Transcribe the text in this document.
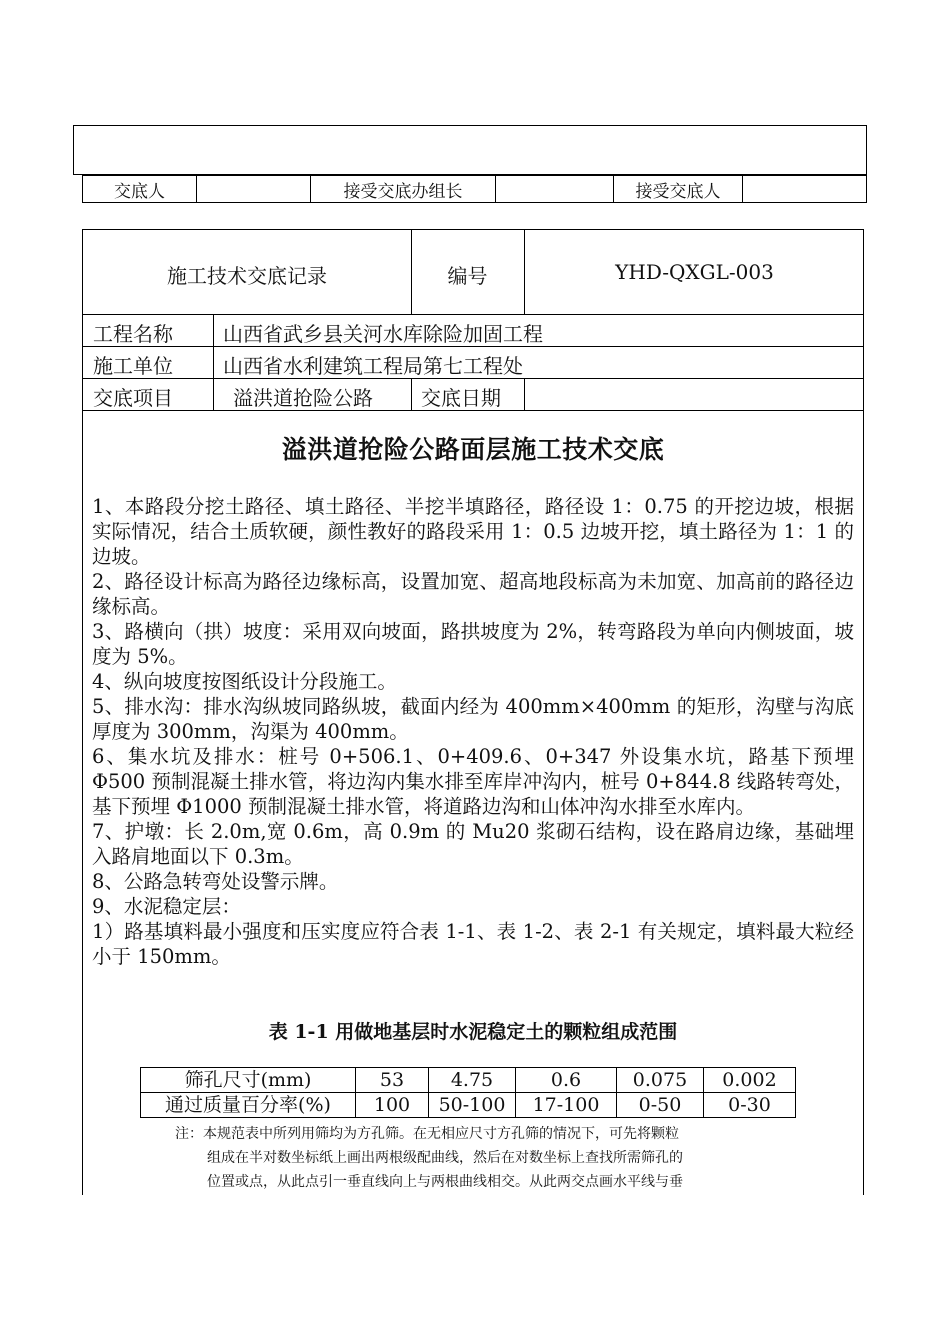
交底人		接受交底办组长		接受交底人	
施工技术交底记录	编号	YHD-QXGL-003
工程名称	山西省武乡县关河水库除险加固工程
施工单位	山西省水利建筑工程局第七工程处
交底项目	溢洪道抢险公路 交底日期
溢洪道抢险公路面层施工技术交底

1、本路段分挖土路径、填土路径、半挖半填路径，路径设 1：0.75 的开挖边坡，根据实际情况，结合土质软硬，颜性教好的路段采用 1：0.5 边坡开挖，填土路径为 1：1 的边坡。

2、路径设计标高为路径边缘标高，设置加宽、超高地段标高为未加宽、加高前的路径边缘标高。

3、路横向（拱）坡度：采用双向坡面，路拱坡度为 2%，转弯路段为单向内侧坡面，坡度为 5%。

4、纵向坡度按图纸设计分段施工。

5、排水沟：排水沟纵坡同路纵坡，截面内经为 400mm×400mm 的矩形，沟壁与沟底厚度为 300mm，沟渠为 400mm。

6、集水坑及排水：桩号 0+506.1、0+409.6、0+347 外设集水坑，路基下预埋 Φ500 预制混凝土排水管，将边沟内集水排至库岸冲沟内，桩号 0+844.8 线路转弯处，基下预埋 Φ1000 预制混凝土排水管，将道路边沟和山体冲沟水排至水库内。

7、护墩：长 2.0m,宽 0.6m，高 0.9m 的 Mu20 浆砌石结构，设在路肩边缘，基础埋入路肩地面以下 0.3m。

8、公路急转弯处设警示牌。

9、水泥稳定层：

1）路基填料最小强度和压实度应符合表 1-1、表 1-2、表 2-1 有关规定，填料最大粒经小于 150mm。

表 1-1 用做地基层时水泥稳定土的颗粒组成范围
筛孔尺寸(mm)	53	4.75	0.6	0.075	0.002
通过质量百分率(%)	100	50-100	17-100	0-50	0-30
注：本规范表中所列用筛均为方孔筛。在无相应尺寸方孔筛的情况下，可先将颗粒
组成在半对数坐标纸上画出两根级配曲线，然后在对数坐标上查找所需筛孔的
位置或点，从此点引一垂直线向上与两根曲线相交。从此两交点画水平线与垂
